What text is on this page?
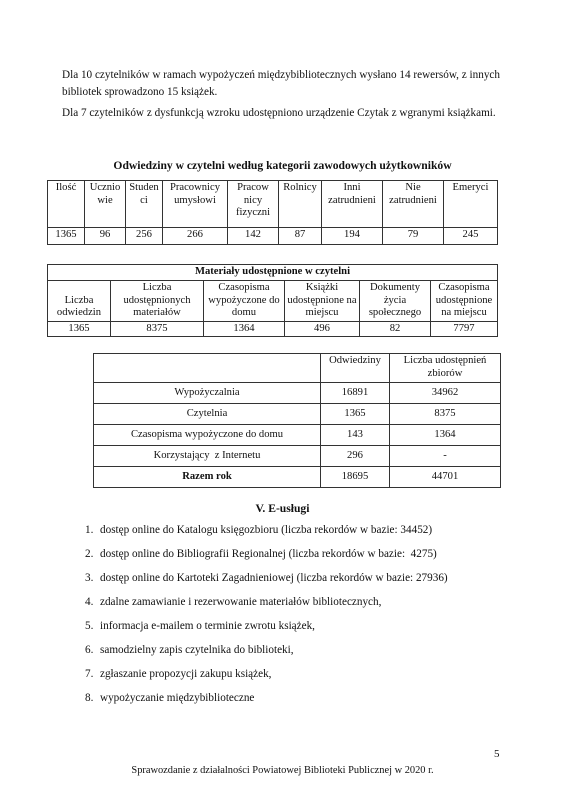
Dla 10 czytelników w ramach wypożyczeń międzybibliotecznych wysłano 14 rewersów, z innych bibliotek sprowadzono 15 książek.
Dla 7 czytelników z dysfunkcją wzroku udostępniono urządzenie Czytak z wgranymi książkami.
Odwiedziny w czytelni według kategorii zawodowych użytkowników
Ilość	Ucznio wie	Studen ci	Pracownicy umysłowi	Pracow nicy fizyczni	Rolnicy	Inni zatrudnieni	Nie zatrudnieni	Emeryci
1365	96	256	266	142	87	194	79	245
Materiały udostępnione w czytelni					
Liczba odwiedzin	Liczba udostępnionych materiałów	Czasopisma wypożyczone do domu	Książki udostępnione na miejscu	Dokumenty życia społecznego	Czasopisma udostępnione na miejscu
1365	8375	1364	496	82	7797
	Odwiedziny	Liczba udostępnień zbiorów
Wypożyczalnia	16891	34962
Czytelnia	1365	8375
Czasopisma wypożyczone do domu	143	1364
Korzystający  z Internetu	296	-
Razem rok	18695	44701
V. E-usługi
1. dostęp online do Katalogu księgozbioru (liczba rekordów w bazie: 34452)
2. dostęp online do Bibliografii Regionalnej (liczba rekordów w bazie:  4275)
3. dostęp online do Kartoteki Zagadnieniowej (liczba rekordów w bazie: 27936)
4. zdalne zamawianie i rezerwowanie materiałów bibliotecznych,
5. informacja e-mailem o terminie zwrotu książek,
6. samodzielny zapis czytelnika do biblioteki,
7. zgłaszanie propozycji zakupu książek,
8. wypożyczanie międzybiblioteczne
5
Sprawozdanie z działalności Powiatowej Biblioteki Publicznej w 2020 r.
